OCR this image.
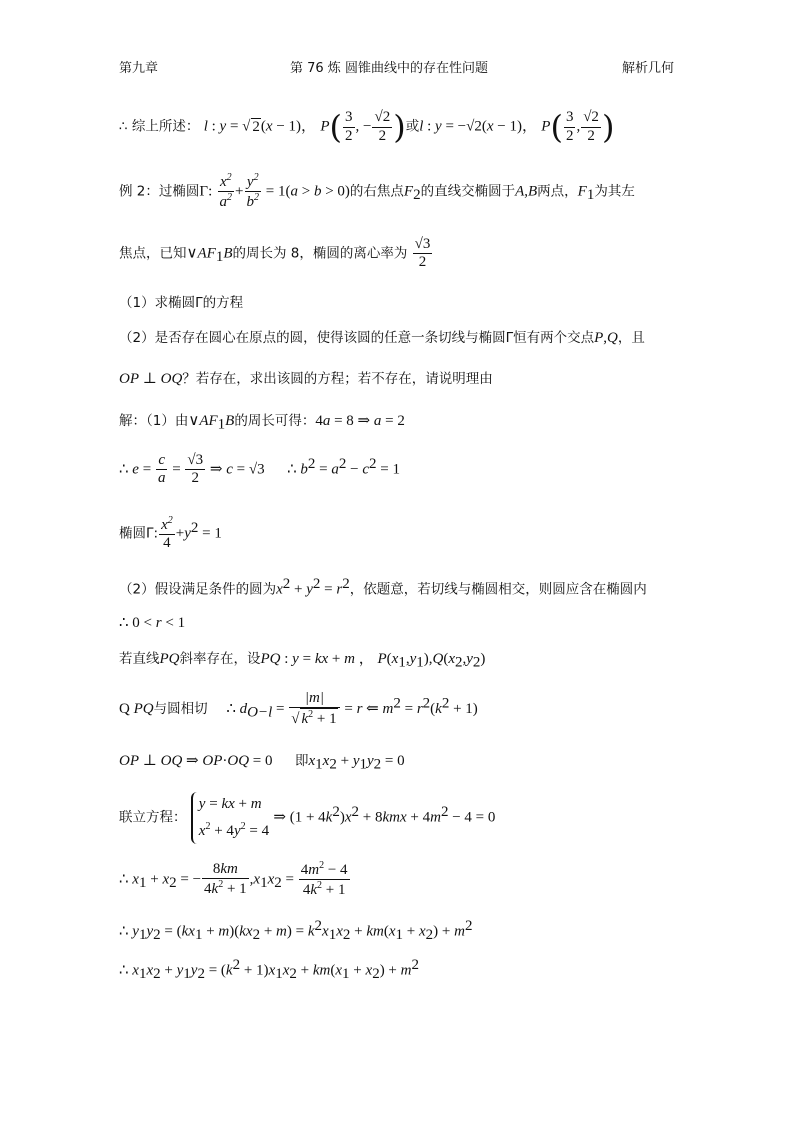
第九章	第 76 炼 圆锥曲线中的存在性问题	解析几何
∴ 综上所述： l : y = √ 2(x − 1)， $P( \frac{3}{2}$ , − $\frac{√2}{2}$ )或l : y = −√2(x − 1)， $P( \frac{3}{2}$ , $\frac{√2}{2}$ )
例 2：过椭圆Γ: $\frac{x^2}{a^2} + \frac{y^2}{b^2} = 1(a > b > 0)$的右焦点$F_2$的直线交椭圆于A,B两点，$F_1$为其左
焦点，已知$\vee AF_1B$的周长为 8，椭圆的离心率为 $\frac{√3}{2}$
（1）求椭圆Γ的方程
（2）是否存在圆心在原点的圆，使得该圆的任意一条切线与椭圆Γ恒有两个交点P,Q，且
OP ⊥ OQ？若存在，求出该圆的方程；若不存在，请说明理由
解：（1）由$\vee AF_1B$的周长可得：4a = 8 ⇒ a = 2
∴ $e = \frac{c}{a} = \frac{√3}{2}$ ⇒ c = √3      ∴ $b^2 = a^2 - c^2 = 1$
椭圆Γ: $\frac{x^2}{4} +y^2 = 1$
（2）假设满足条件的圆为$x^2 + y^2 = r^2$，依题意，若切线与椭圆相交，则圆应含在椭圆内
∴ 0 < r < 1
若直线PQ斜率存在，设PQ : y = kx + m ， $P(x_1,y_1),Q(x_2,y_2)$
Q PQ与圆相切     ∴ $d_{O-l} = \frac{|m|}{√ k^2 + 1} = r$ ⇐ $m^2 = r^2(k^2 + 1)$
OP ⊥ OQ ⇒ OP·OQ = 0      即$x_1x_2 + y_1y_2 = 0$
联立方程： y = kx + m
$x^2 + 4y^2 = 4$ ⇒ $(1 + 4k^2)x^2 + 8kmx + 4m^2 - 4 = 0$
∴ $x_1 + x_2$ = − $\frac{8km}{4k^2 + 1} ,x_1x_2 = \frac{4m^2 - 4}{4k^2 + 1}$
∴ $y_1y_2 = (kx_1 + m)(kx_2 + m) = k^2x_1x_2 + km(x_1 + x_2) + m^2$
∴ $x_1x_2 + y_1y_2 = (k^2 + 1)x_1x_2 + km(x_1 + x_2) + m^2$
